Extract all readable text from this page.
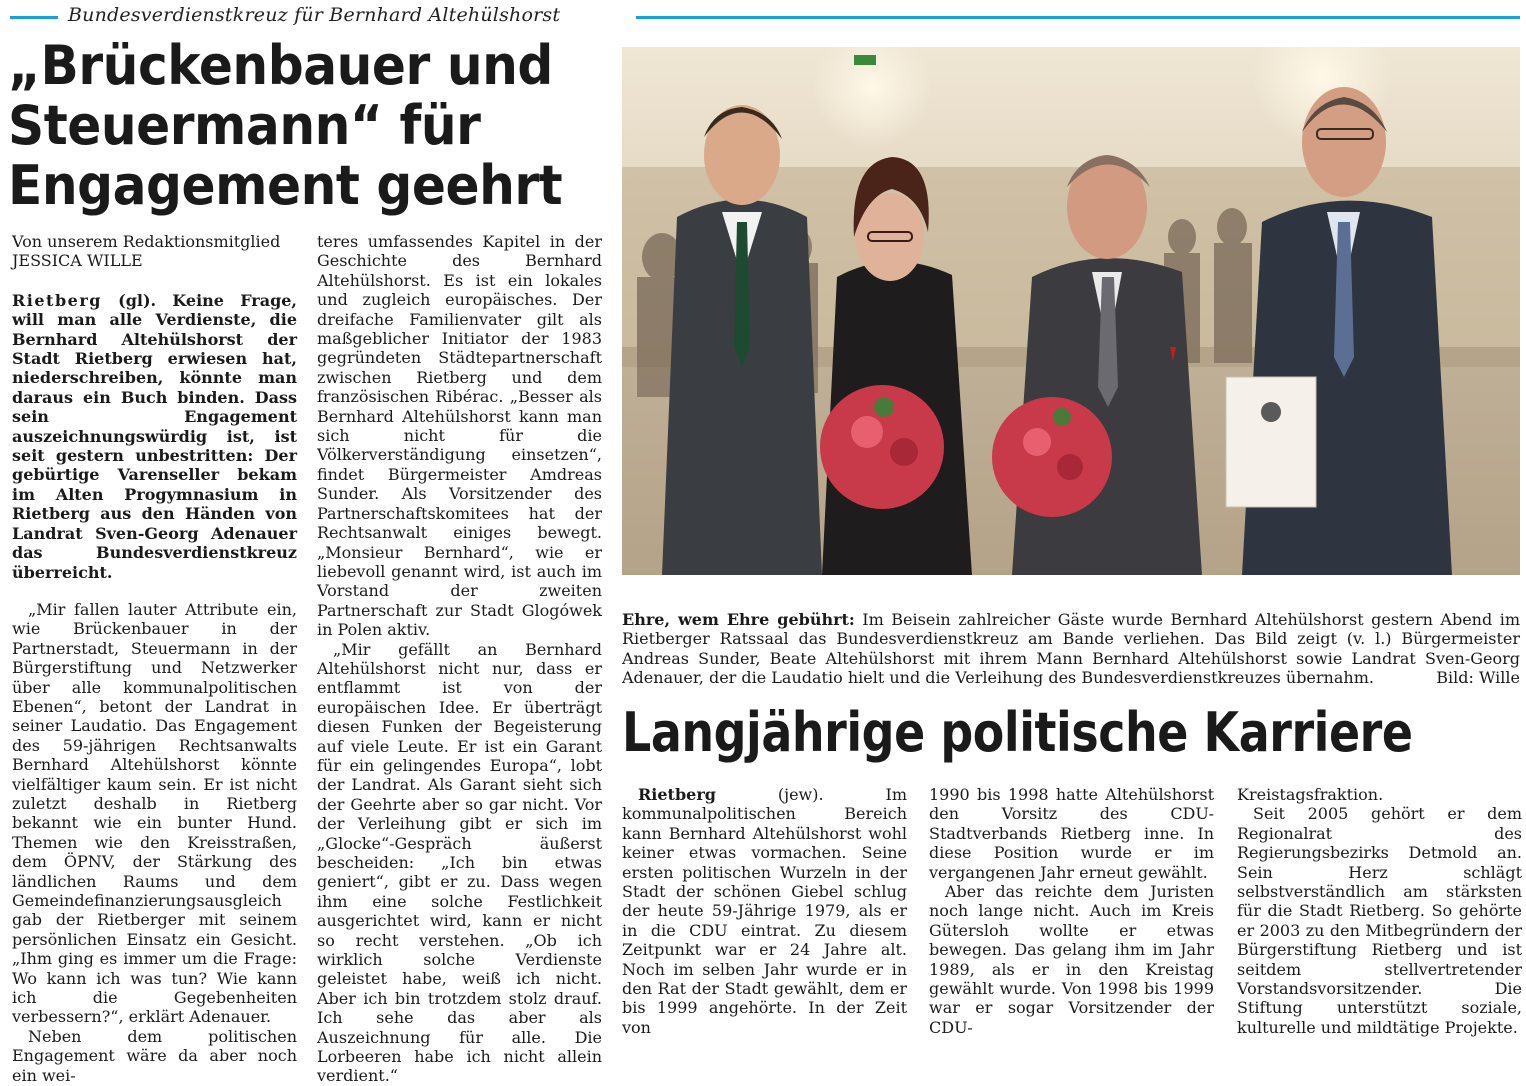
Bundesverdienstkreuz für Bernhard Altehülshorst
„Brückenbauer und Steuermann“ für Engagement geehrt

Von unserem Redaktionsmitglied
JESSICA WILLE

Rietberg (gl). Keine Frage, will man alle Verdienste, die Bernhard Altehülshorst der Stadt Rietberg erwiesen hat, niederschreiben, könnte man daraus ein Buch binden. Dass sein Engagement auszeichnungswürdig ist, ist seit gestern unbestritten: Der gebürtige Varenseller bekam im Alten Progymnasium in Rietberg aus den Händen von Landrat Sven-Georg Adenauer das Bundesverdienstkreuz überreicht.

„Mir fallen lauter Attribute ein, wie Brückenbauer in der Partnerstadt, Steuermann in der Bürgerstiftung und Netzwerker über alle kommunalpolitischen Ebenen“, betont der Landrat in seiner Laudatio. Das Engagement des 59-jährigen Rechtsanwalts Bernhard Altehülshorst könnte vielfältiger kaum sein. Er ist nicht zuletzt deshalb in Rietberg bekannt wie ein bunter Hund. Themen wie den Kreisstraßen, dem ÖPNV, der Stärkung des ländlichen Raums und dem Gemeindefinanzierungsausgleich gab der Rietberger mit seinem persönlichen Einsatz ein Gesicht. „Ihm ging es immer um die Frage: Wo kann ich was tun? Wie kann ich die Gegebenheiten verbessern?“, erklärt Adenauer.

Neben dem politischen Engagement wäre da aber noch ein wei-

teres umfassendes Kapitel in der Geschichte des Bernhard Altehülshorst. Es ist ein lokales und zugleich europäisches. Der dreifache Familienvater gilt als maßgeblicher Initiator der 1983 gegründeten Städtepartnerschaft zwischen Rietberg und dem französischen Ribérac. „Besser als Bernhard Altehülshorst kann man sich nicht für die Völkerverständigung einsetzen“, findet Bürgermeister Amdreas Sunder. Als Vorsitzender des Partnerschaftskomitees hat der Rechtsanwalt einiges bewegt. „Monsieur Bernhard“, wie er liebevoll genannt wird, ist auch im Vorstand der zweiten Partnerschaft zur Stadt Glogówek in Polen aktiv.

„Mir gefällt an Bernhard Altehülshorst nicht nur, dass er entflammt ist von der europäischen Idee. Er überträgt diesen Funken der Begeisterung auf viele Leute. Er ist ein Garant für ein gelingendes Europa“, lobt der Landrat. Als Garant sieht sich der Geehrte aber so gar nicht. Vor der Verleihung gibt er sich im „Glocke“-Gespräch äußerst bescheiden: „Ich bin etwas geniert“, gibt er zu. Dass wegen ihm eine solche Festlichkeit ausgerichtet wird, kann er nicht so recht verstehen. „Ob ich wirklich solche Verdienste geleistet habe, weiß ich nicht. Aber ich bin trotzdem stolz drauf. Ich sehe das aber als Auszeichnung für alle. Die Lorbeeren habe ich nicht allein verdient.“

Ehre, wem Ehre gebührt: Im Beisein zahlreicher Gäste wurde Bernhard Altehülshorst gestern Abend im Rietberger Ratssaal das Bundesverdienstkreuz am Bande verliehen. Das Bild zeigt (v. l.) Bürgermeister Andreas Sunder, Beate Altehülshorst mit ihrem Mann Bernhard Altehülshorst sowie Landrat Sven-Georg Adenauer, der die Laudatio hielt und die Verleihung des Bundesverdienstkreuzes übernahm.	Bild: Wille

Langjährige politische Karriere

Rietberg (jew). Im kommunalpolitischen Bereich kann Bernhard Altehülshorst wohl keiner etwas vormachen. Seine ersten politischen Wurzeln in der Stadt der schönen Giebel schlug der heute 59-Jährige 1979, als er in die CDU eintrat. Zu diesem Zeitpunkt war er 24 Jahre alt. Noch im selben Jahr wurde er in den Rat der Stadt gewählt, dem er bis 1999 angehörte. In der Zeit von

1990 bis 1998 hatte Altehülshorst den Vorsitz des CDU-Stadtverbands Rietberg inne. In diese Position wurde er im vergangenen Jahr erneut gewählt.

Aber das reichte dem Juristen noch lange nicht. Auch im Kreis Gütersloh wollte er etwas bewegen. Das gelang ihm im Jahr 1989, als er in den Kreistag gewählt wurde. Von 1998 bis 1999 war er sogar Vorsitzender der CDU-

Kreistagsfraktion.

Seit 2005 gehört er dem Regionalrat des Regierungsbezirks Detmold an. Sein Herz schlägt selbstverständlich am stärksten für die Stadt Rietberg. So gehörte er 2003 zu den Mitbegründern der Bürgerstiftung Rietberg und ist seitdem stellvertretender Vorstandsvorsitzender. Die Stiftung unterstützt soziale, kulturelle und mildtätige Projekte.
